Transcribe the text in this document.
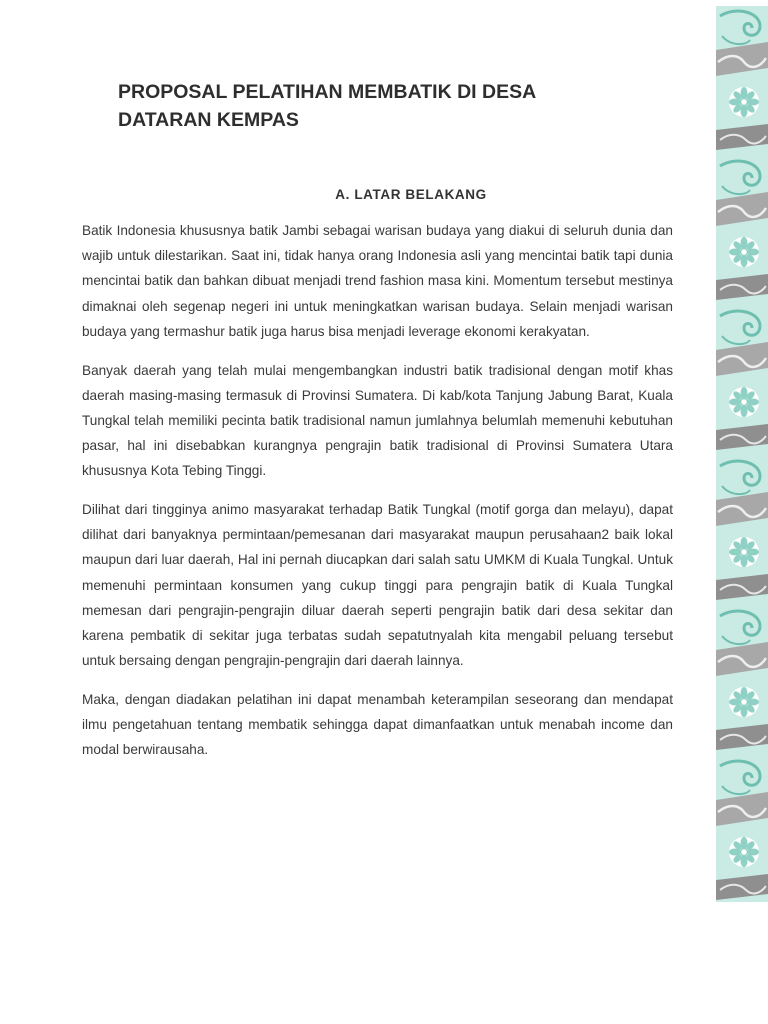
PROPOSAL PELATIHAN MEMBATIK DI DESA DATARAN KEMPAS
A. LATAR BELAKANG

Batik Indonesia khususnya batik Jambi sebagai warisan budaya yang diakui di seluruh dunia dan wajib untuk dilestarikan. Saat ini, tidak hanya orang Indonesia asli yang mencintai batik tapi dunia mencintai batik dan bahkan dibuat menjadi trend fashion masa kini. Momentum tersebut mestinya dimaknai oleh segenap negeri ini untuk meningkatkan warisan budaya. Selain menjadi warisan budaya yang termashur batik juga harus bisa menjadi leverage ekonomi kerakyatan.

Banyak daerah yang telah mulai mengembangkan industri batik tradisional dengan motif khas daerah masing-masing termasuk di Provinsi Sumatera. Di kab/kota Tanjung Jabung Barat, Kuala Tungkal telah memiliki pecinta batik tradisional namun jumlahnya belumlah memenuhi kebutuhan pasar, hal ini disebabkan kurangnya pengrajin batik tradisional di Provinsi Sumatera Utara khususnya Kota Tebing Tinggi.

Dilihat dari tingginya animo masyarakat terhadap Batik Tungkal (motif gorga dan melayu), dapat dilihat dari banyaknya permintaan/pemesanan dari masyarakat maupun perusahaan2 baik lokal maupun dari luar daerah, Hal ini pernah diucapkan dari salah satu UMKM di Kuala Tungkal. Untuk memenuhi permintaan konsumen yang cukup tinggi para pengrajin batik di Kuala Tungkal memesan dari pengrajin-pengrajin diluar daerah seperti pengrajin batik dari desa sekitar dan karena pembatik di sekitar juga terbatas sudah sepatutnyalah kita mengabil peluang tersebut untuk bersaing dengan pengrajin-pengrajin dari daerah lainnya.

Maka, dengan diadakan pelatihan ini dapat menambah keterampilan seseorang dan mendapat ilmu pengetahuan tentang membatik sehingga dapat dimanfaatkan untuk menabah income dan modal berwirausaha.
